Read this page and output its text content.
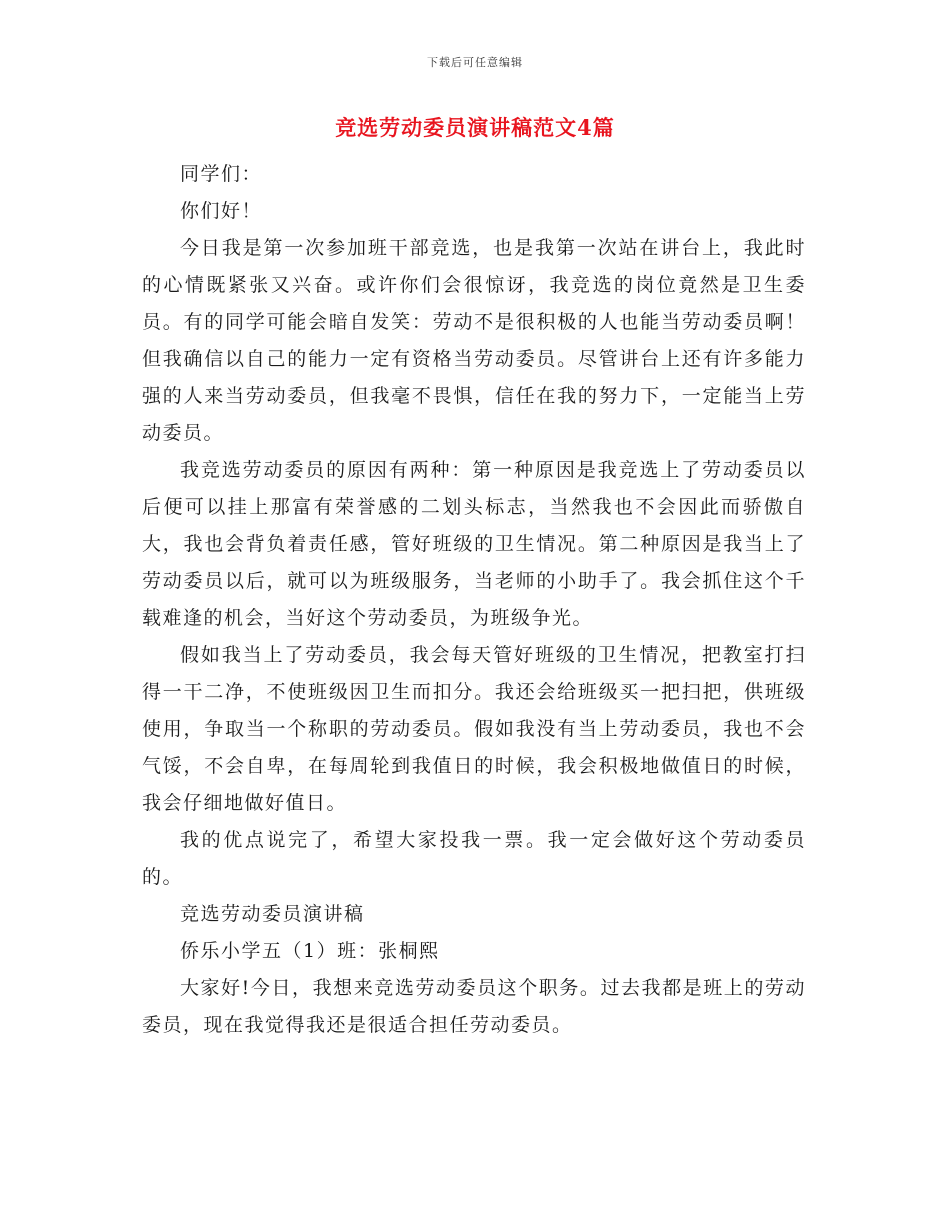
下载后可任意编辑
竞选劳动委员演讲稿范文4篇

同学们：

你们好！

今日我是第一次参加班干部竞选，也是我第一次站在讲台上，我此时的心情既紧张又兴奋。或许你们会很惊讶，我竞选的岗位竟然是卫生委员。有的同学可能会暗自发笑：劳动不是很积极的人也能当劳动委员啊！但我确信以自己的能力一定有资格当劳动委员。尽管讲台上还有许多能力强的人来当劳动委员，但我毫不畏惧，信任在我的努力下，一定能当上劳动委员。

我竞选劳动委员的原因有两种：第一种原因是我竞选上了劳动委员以后便可以挂上那富有荣誉感的二划头标志，当然我也不会因此而骄傲自大，我也会背负着责任感，管好班级的卫生情况。第二种原因是我当上了劳动委员以后，就可以为班级服务，当老师的小助手了。我会抓住这个千载难逢的机会，当好这个劳动委员，为班级争光。

假如我当上了劳动委员，我会每天管好班级的卫生情况，把教室打扫得一干二净，不使班级因卫生而扣分。我还会给班级买一把扫把，供班级使用，争取当一个称职的劳动委员。假如我没有当上劳动委员，我也不会气馁，不会自卑，在每周轮到我值日的时候，我会积极地做值日的时候，我会仔细地做好值日。

我的优点说完了，希望大家投我一票。我一定会做好这个劳动委员的。

竞选劳动委员演讲稿

侨乐小学五（1）班：张桐熙

大家好!今日，我想来竞选劳动委员这个职务。过去我都是班上的劳动委员，现在我觉得我还是很适合担任劳动委员。
